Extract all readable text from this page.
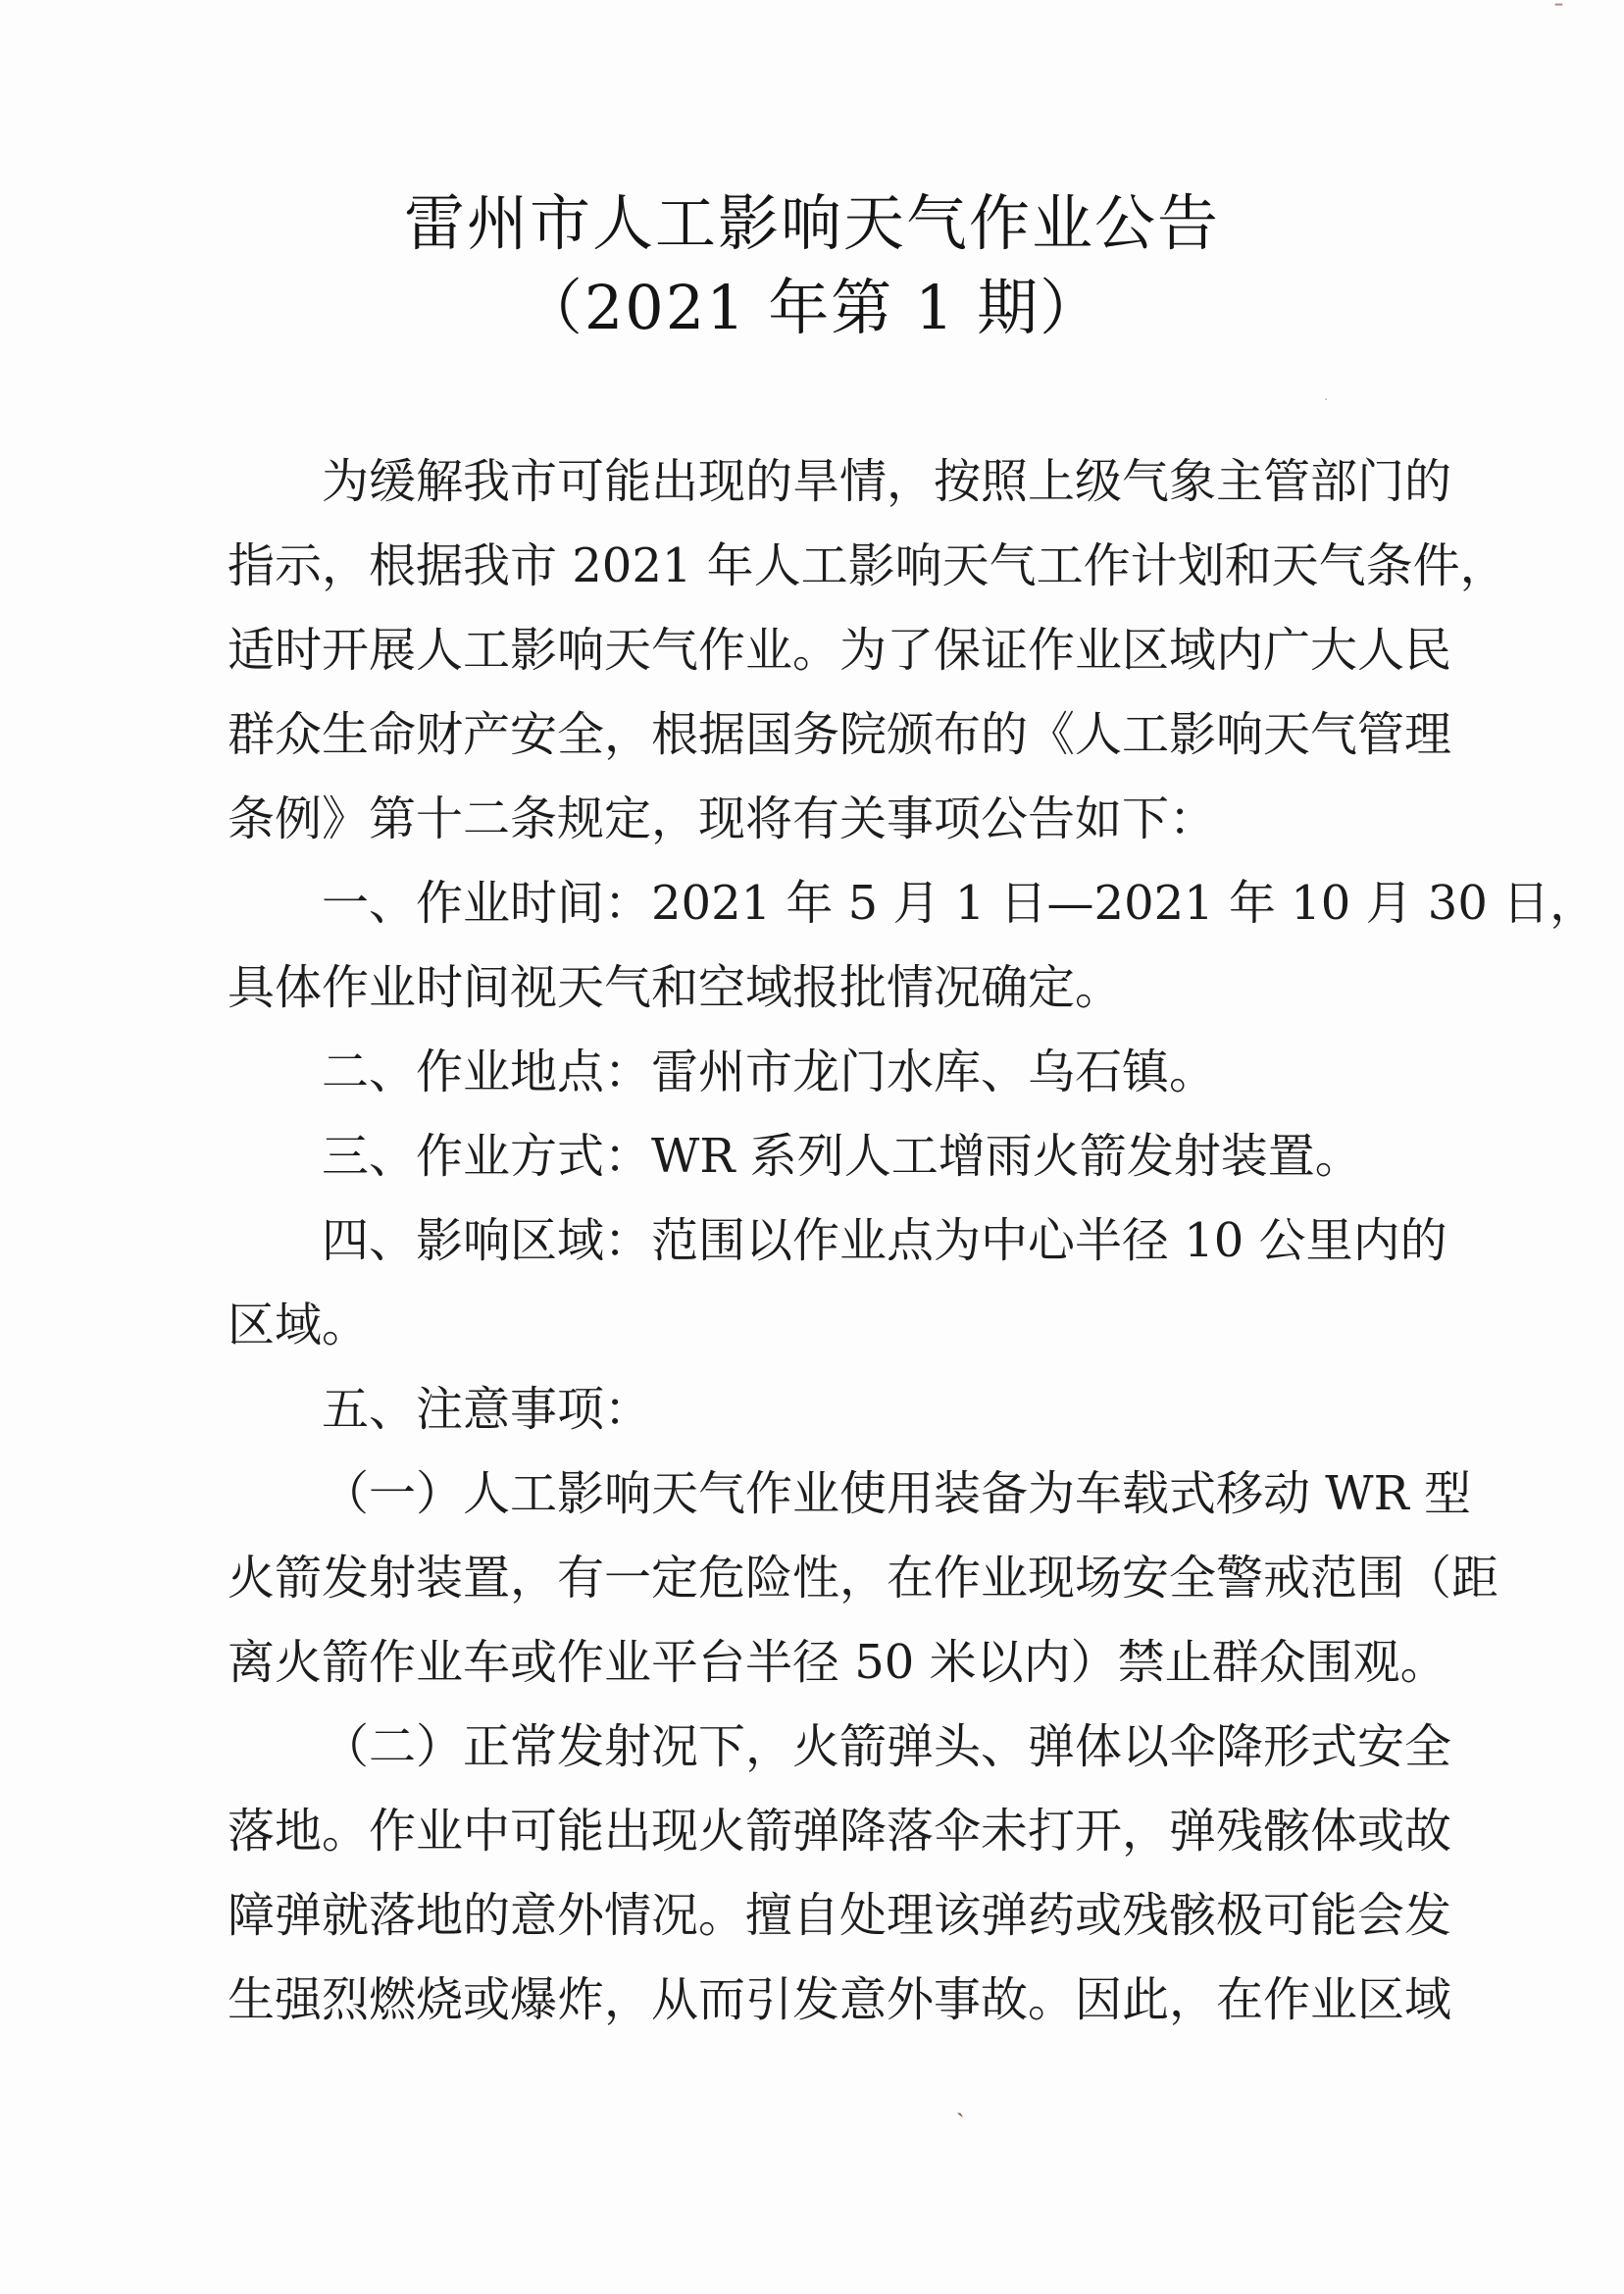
雷州市人工影响天气作业公告
（2021 年第 1 期）
为缓解我市可能出现的旱情，按照上级气象主管部门的
指示，根据我市 2021 年人工影响天气工作计划和天气条件，
适时开展人工影响天气作业。为了保证作业区域内广大人民
群众生命财产安全，根据国务院颁布的《人工影响天气管理
条例》第十二条规定，现将有关事项公告如下：
一、作业时间：2021 年 5 月 1 日—2021 年 10 月 30 日，
具体作业时间视天气和空域报批情况确定。
二、作业地点：雷州市龙门水库、乌石镇。
三、作业方式：WR 系列人工增雨火箭发射装置。
四、影响区域：范围以作业点为中心半径 10 公里内的
区域。
五、注意事项：
（一）人工影响天气作业使用装备为车载式移动 WR 型
火箭发射装置，有一定危险性，在作业现场安全警戒范围（距
离火箭作业车或作业平台半径 50 米以内）禁止群众围观。
（二）正常发射况下，火箭弹头、弹体以伞降形式安全
落地。作业中可能出现火箭弹降落伞未打开，弹残骸体或故
障弹就落地的意外情况。擅自处理该弹药或残骸极可能会发
生强烈燃烧或爆炸，从而引发意外事故。因此，在作业区域
ˉ
·
ˏ
